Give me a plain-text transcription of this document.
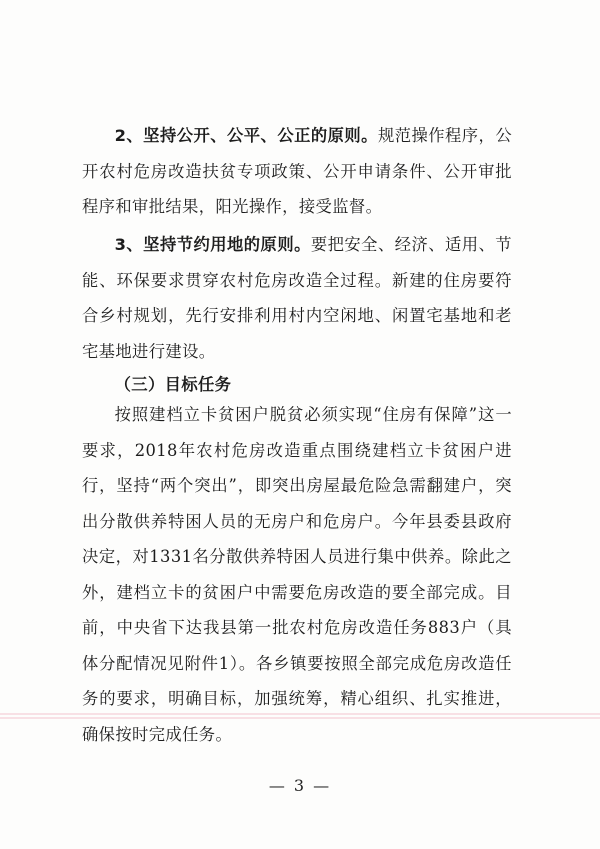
2、坚持公开、公平、公正的原则。规范操作程序，公开农村危房改造扶贫专项政策、公开申请条件、公开审批程序和审批结果，阳光操作，接受监督。

3、坚持节约用地的原则。要把安全、经济、适用、节能、环保要求贯穿农村危房改造全过程。新建的住房要符合乡村规划，先行安排利用村内空闲地、闲置宅基地和老宅基地进行建设。

（三）目标任务

按照建档立卡贫困户脱贫必须实现“住房有保障”这一要求，2018年农村危房改造重点围绕建档立卡贫困户进行，坚持“两个突出”，即突出房屋最危险急需翻建户，突出分散供养特困人员的无房户和危房户。今年县委县政府决定，对1331名分散供养特困人员进行集中供养。除此之外，建档立卡的贫困户中需要危房改造的要全部完成。目前，中央省下达我县第一批农村危房改造任务883户（具体分配情况见附件1）。各乡镇要按照全部完成危房改造任务的要求，明确目标，加强统筹，精心组织、扎实推进，确保按时完成任务。

— 3 —
